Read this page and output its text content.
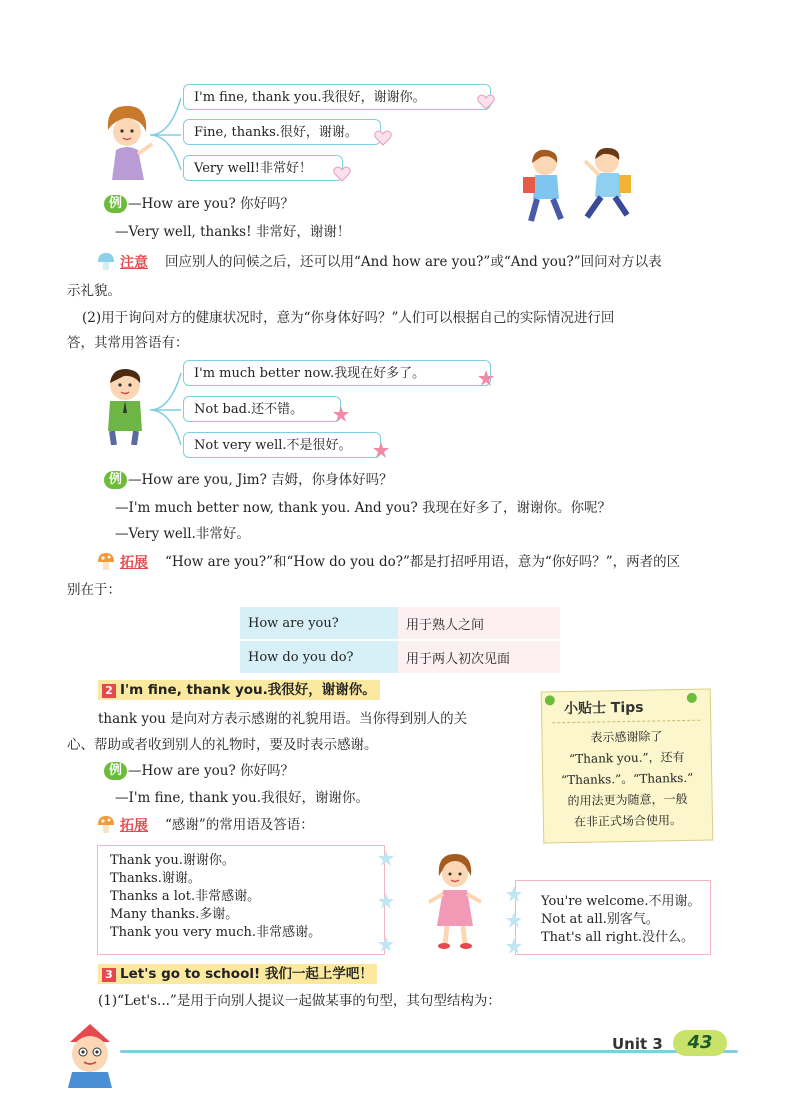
I'm fine, thank you.我很好，谢谢你。
Fine, thanks.很好，谢谢。
Very well!非常好！
例 —How are you? 你好吗？
—Very well, thanks! 非常好，谢谢！
注意 回应别人的问候之后，还可以用“And how are you?”或“And you?”回问对方以表
示礼貌。
(2)用于询问对方的健康状况时，意为“你身体好吗？”人们可以根据自己的实际情况进行回
答，其常用答语有：
I'm much better now.我现在好多了。
Not bad.还不错。
Not very well.不是很好。
例 —How are you, Jim? 吉姆，你身体好吗？
—I'm much better now, thank you. And you? 我现在好多了，谢谢你。你呢？
—Very well.非常好。
拓展 “How are you?”和“How do you do?”都是打招呼用语，意为“你好吗？”，两者的区
别在于：
How are you?	用于熟人之间
How do you do?	用于两人初次见面
2 I'm fine, thank you.我很好，谢谢你。
thank you 是向对方表示感谢的礼貌用语。当你得到别人的关
心、帮助或者收到别人的礼物时，要及时表示感谢。
例 —How are you? 你好吗？
—I'm fine, thank you.我很好，谢谢你。
小贴士 Tips
表示感谢除了
“Thank you.”，还有
“Thanks.”。“Thanks.”
的用法更为随意，一般
在非正式场合使用。
拓展 “感谢”的常用语及答语：
Thank you.谢谢你。
Thanks.谢谢。
Thanks a lot.非常感谢。
Many thanks.多谢。
Thank you very much.非常感谢。
You're welcome.不用谢。
Not at all.别客气。
That's all right.没什么。
3 Let's go to school! 我们一起上学吧！
(1)“Let's...”是用于向别人提议一起做某事的句型，其句型结构为：
Unit 3	43
